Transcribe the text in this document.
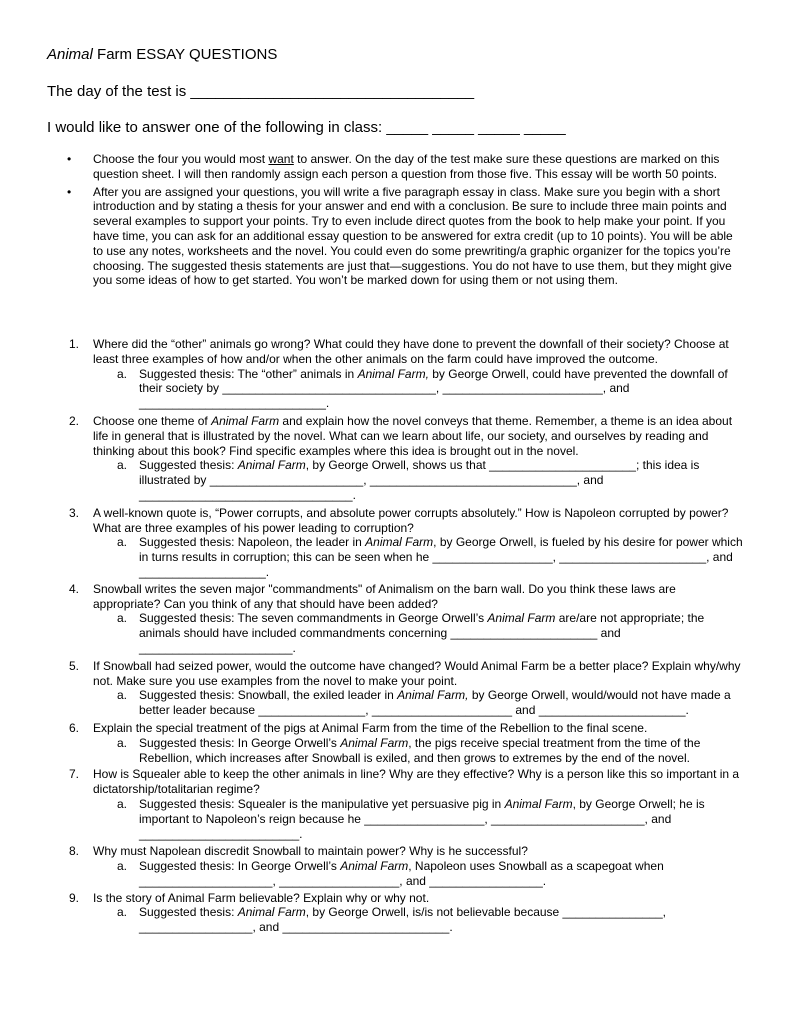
Animal Farm ESSAY QUESTIONS
The day of the test is __________________________________
I would like to answer one of the following in class: _____ _____ _____ _____
• Choose the four you would most want to answer. On the day of the test make sure these questions are marked on this question sheet. I will then randomly assign each person a question from those five. This essay will be worth 50 points.
• After you are assigned your questions, you will write a five paragraph essay in class. Make sure you begin with a short introduction and by stating a thesis for your answer and end with a conclusion. Be sure to include three main points and several examples to support your points. Try to even include direct quotes from the book to help make your point. If you have time, you can ask for an additional essay question to be answered for extra credit (up to 10 points). You will be able to use any notes, worksheets and the novel. You could even do some prewriting/a graphic organizer for the topics you’re choosing. The suggested thesis statements are just that—suggestions. You do not have to use them, but they might give you some ideas of how to get started. You won’t be marked down for using them or not using them.
1. Where did the “other” animals go wrong? What could they have done to prevent the downfall of their society? Choose at least three examples of how and/or when the other animals on the farm could have improved the outcome.
a. Suggested thesis: The “other” animals in Animal Farm, by George Orwell, could have prevented the downfall of their society by ________________________________, ________________________, and ____________________________.
2. Choose one theme of Animal Farm and explain how the novel conveys that theme. Remember, a theme is an idea about life in general that is illustrated by the novel. What can we learn about life, our society, and ourselves by reading and thinking about this book? Find specific examples where this idea is brought out in the novel.
a. Suggested thesis: Animal Farm, by George Orwell, shows us that ______________________; this idea is illustrated by _______________________, _______________________________, and ________________________________.
3. A well-known quote is, “Power corrupts, and absolute power corrupts absolutely.” How is Napoleon corrupted by power? What are three examples of his power leading to corruption?
a. Suggested thesis: Napoleon, the leader in Animal Farm, by George Orwell, is fueled by his desire for power which in turns results in corruption; this can be seen when he __________________, ______________________, and ___________________.
4. Snowball writes the seven major "commandments" of Animalism on the barn wall. Do you think these laws are appropriate? Can you think of any that should have been added?
a. Suggested thesis: The seven commandments in George Orwell’s Animal Farm are/are not appropriate; the animals should have included commandments concerning ______________________ and _______________________.
5. If Snowball had seized power, would the outcome have changed? Would Animal Farm be a better place? Explain why/why not. Make sure you use examples from the novel to make your point.
a. Suggested thesis: Snowball, the exiled leader in Animal Farm, by George Orwell, would/would not have made a better leader because ________________, _____________________ and ______________________.
6. Explain the special treatment of the pigs at Animal Farm from the time of the Rebellion to the final scene.
a. Suggested thesis: In George Orwell’s Animal Farm, the pigs receive special treatment from the time of the Rebellion, which increases after Snowball is exiled, and then grows to extremes by the end of the novel.
7. How is Squealer able to keep the other animals in line? Why are they effective? Why is a person like this so important in a dictatorship/totalitarian regime?
a. Suggested thesis: Squealer is the manipulative yet persuasive pig in Animal Farm, by George Orwell; he is important to Napoleon’s reign because he __________________, _______________________, and ________________________.
8. Why must Napolean discredit Snowball to maintain power? Why is he successful?
a. Suggested thesis: In George Orwell’s Animal Farm, Napoleon uses Snowball as a scapegoat when ____________________, __________________, and _________________.
9. Is the story of Animal Farm believable? Explain why or why not.
a. Suggested thesis: Animal Farm, by George Orwell, is/is not believable because _______________, _________________, and _________________________.
